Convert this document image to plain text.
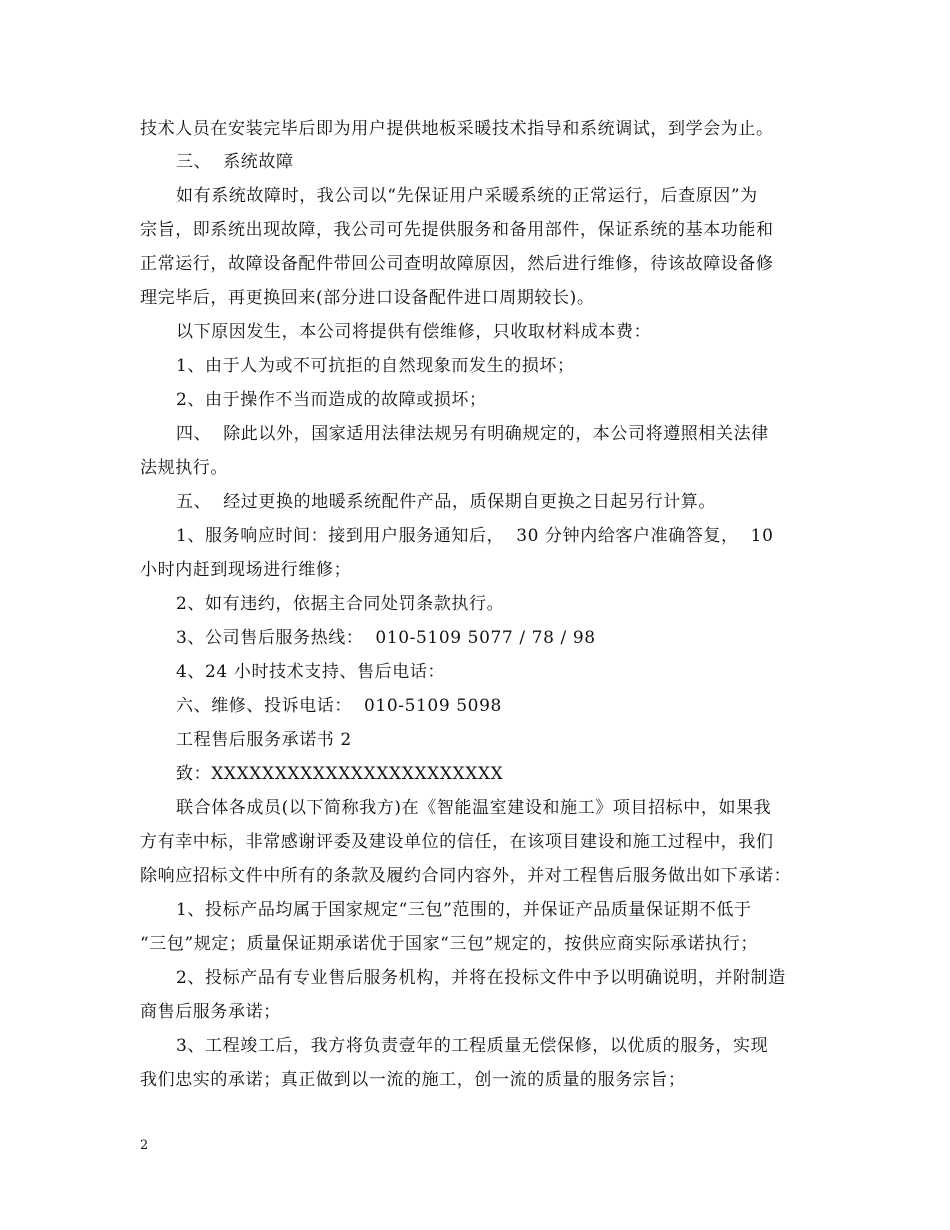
技术人员在安装完毕后即为用户提供地板采暖技术指导和系统调试，到学会为止。
三、  系统故障
如有系统故障时，我公司以“先保证用户采暖系统的正常运行，后查原因”为
宗旨，即系统出现故障，我公司可先提供服务和备用部件，保证系统的基本功能和
正常运行，故障设备配件带回公司查明故障原因，然后进行维修，待该故障设备修
理完毕后，再更换回来(部分进口设备配件进口周期较长)。
以下原因发生，本公司将提供有偿维修，只收取材料成本费：
1、由于人为或不可抗拒的自然现象而发生的损坏；
2、由于操作不当而造成的故障或损坏；
四、  除此以外，国家适用法律法规另有明确规定的，本公司将遵照相关法律
法规执行。
五、  经过更换的地暖系统配件产品，质保期自更换之日起另行计算。
1、服务响应时间：接到用户服务通知后，  30 分钟内给客户准确答复，  10
小时内赶到现场进行维修；
2、如有违约，依据主合同处罚条款执行。
3、公司售后服务热线：  010-5109 5077 / 78 / 98
4、24 小时技术支持、售后电话：
六、维修、投诉电话：  010-5109 5098
工程售后服务承诺书 2
致：XXXXXXXXXXXXXXXXXXXXXXX
联合体各成员(以下简称我方)在《智能温室建设和施工》项目招标中，如果我
方有幸中标，非常感谢评委及建设单位的信任，在该项目建设和施工过程中，我们
除响应招标文件中所有的条款及履约合同内容外，并对工程售后服务做出如下承诺：
1、投标产品均属于国家规定“三包”范围的，并保证产品质量保证期不低于
“三包”规定；质量保证期承诺优于国家“三包”规定的，按供应商实际承诺执行；
2、投标产品有专业售后服务机构，并将在投标文件中予以明确说明，并附制造
商售后服务承诺；
3、工程竣工后，我方将负责壹年的工程质量无偿保修，以优质的服务，实现
我们忠实的承诺；真正做到以一流的施工，创一流的质量的服务宗旨；
2
